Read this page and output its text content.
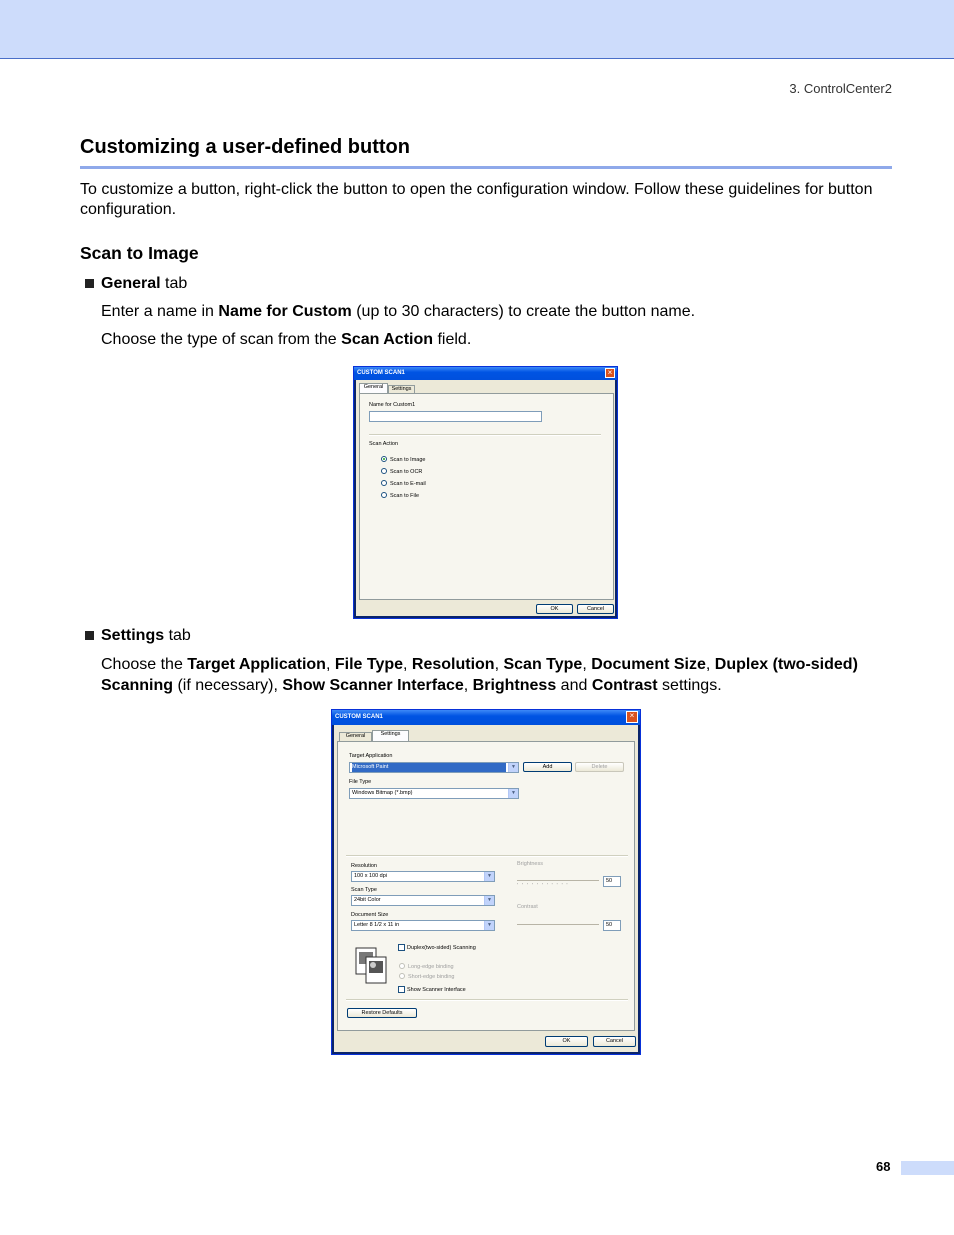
3. ControlCenter2
Customizing a user-defined button
To customize a button, right-click the button to open the configuration window. Follow these guidelines for button configuration.
Scan to Image
General tab
Enter a name in Name for Custom (up to 30 characters) to create the button name.
Choose the type of scan from the Scan Action field.
CUSTOM SCAN1	×
General	Settings
Name for Custom1
Scan Action
Scan to Image
Scan to OCR
Scan to E-mail
Scan to File
OK	Cancel
Settings tab
Choose the Target Application, File Type, Resolution, Scan Type, Document Size, Duplex (two-sided) Scanning (if necessary), Show Scanner Interface, Brightness and Contrast settings.
CUSTOM SCAN1	×
General	Settings
Target Application
Microsoft Paint	▼	Add	Delete
File Type
Windows Bitmap (*.bmp)	▼
Resolution
100 x 100 dpi	▼
Scan Type
24bit Color	▼
Document Size
Letter 8 1/2 x 11 in	▼
Duplex(two-sided) Scanning
Long-edge binding
Short-edge binding
Show Scanner Interface
Brightness
'''''''''''
50
Contrast
50
Restore Defaults
OK	Cancel
68
